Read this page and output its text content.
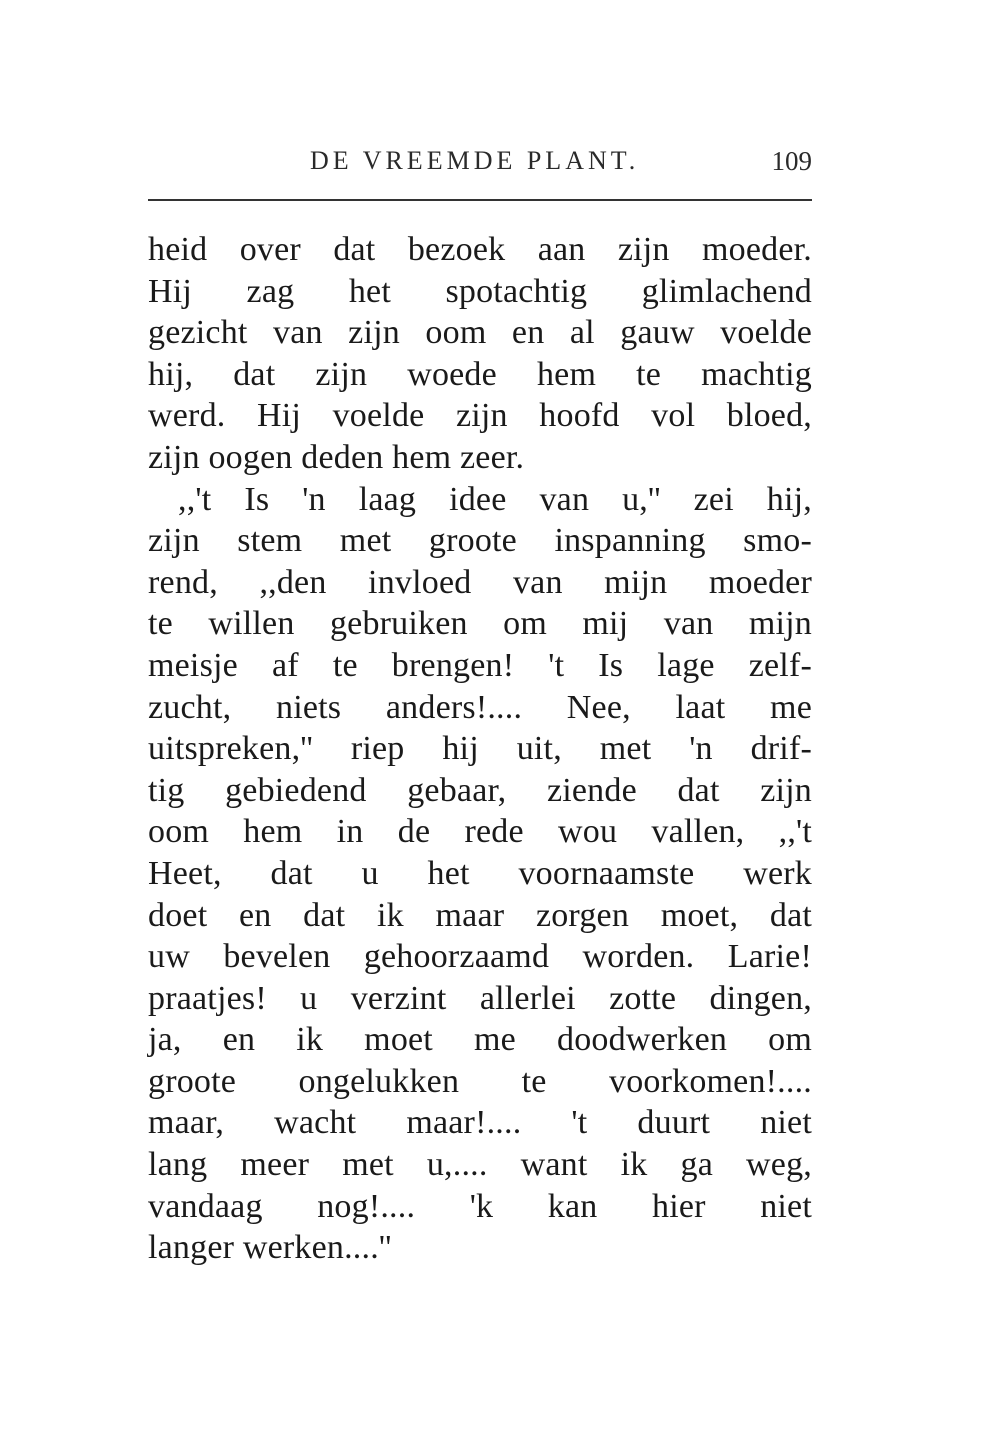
DE VREEMDE PLANT.	109
heid over dat bezoek aan zijn moeder.
Hij zag het spotachtig glimlachend
gezicht van zijn oom en al gauw voelde
hij, dat zijn woede hem te machtig
werd. Hij voelde zijn hoofd vol bloed,
zijn oogen deden hem zeer.
,,'t Is 'n laag idee van u,'' zei hij,
zijn stem met groote inspanning smo-
rend, ,,den invloed van mijn moeder
te willen gebruiken om mij van mijn
meisje af te brengen! 't Is lage zelf-
zucht, niets anders!.... Nee, laat me
uitspreken,'' riep hij uit, met 'n drif-
tig gebiedend gebaar, ziende dat zijn
oom hem in de rede wou vallen, ,,'t
Heet, dat u het voornaamste werk
doet en dat ik maar zorgen moet, dat
uw bevelen gehoorzaamd worden. Larie!
praatjes! u verzint allerlei zotte dingen,
ja, en ik moet me doodwerken om
groote ongelukken te voorkomen!....
maar, wacht maar!.... 't duurt niet
lang meer met u,.... want ik ga weg,
vandaag nog!.... 'k kan hier niet
langer werken....''
